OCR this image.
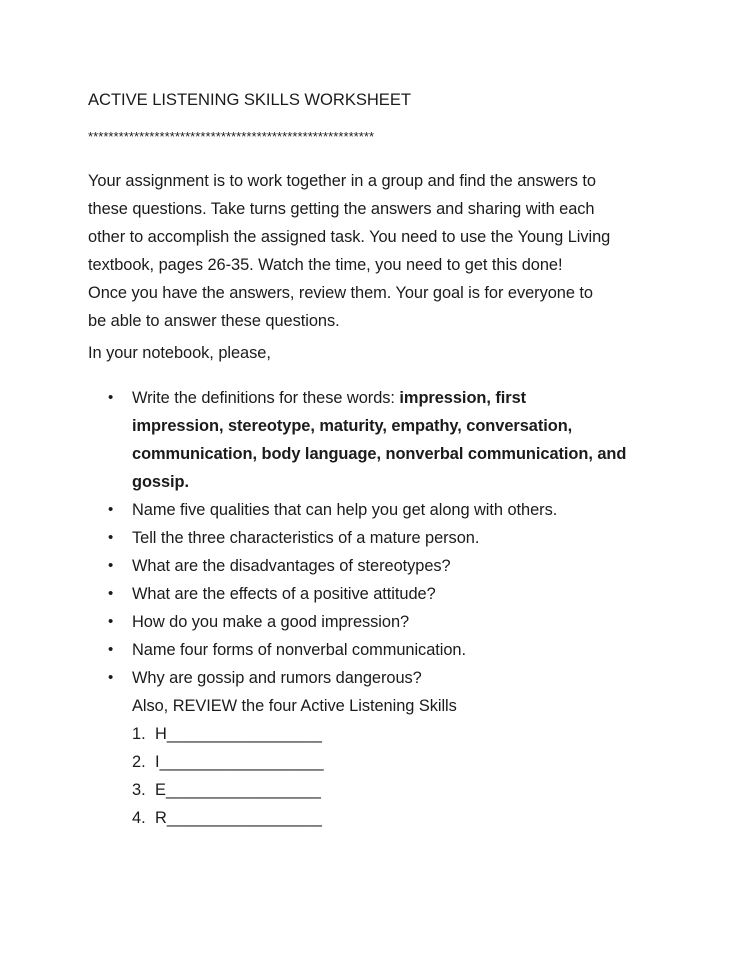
ACTIVE LISTENING SKILLS WORKSHEET
********************************************************
Your assignment is to work together in a group and find the answers to
these questions. Take turns getting the answers and sharing with each
other to accomplish the assigned task. You need to use the Young Living
textbook, pages 26-35. Watch the time, you need to get this done!
Once you have the answers, review them. Your goal is for everyone to
be able to answer these questions.
In your notebook, please,
• Write the definitions for these words: impression, first
impression, stereotype, maturity, empathy, conversation,
communication, body language, nonverbal communication, and
gossip.
• Name five qualities that can help you get along with others.
• Tell the three characteristics of a mature person.
• What are the disadvantages of stereotypes?
• What are the effects of a positive attitude?
• How do you make a good impression?
• Name four forms of nonverbal communication.
• Why are gossip and rumors dangerous?
Also, REVIEW the four Active Listening Skills
1. H_________________
2. I__________________
3. E_________________
4. R_________________
